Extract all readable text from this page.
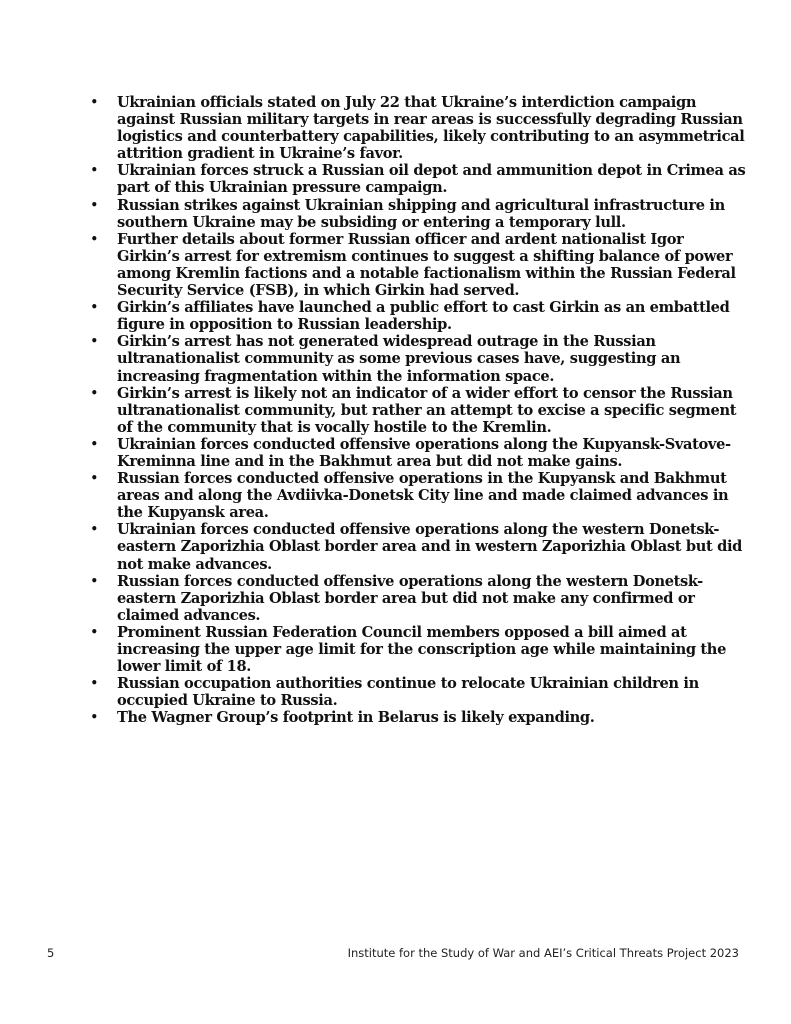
• Ukrainian officials stated on July 22 that Ukraine’s interdiction campaign against Russian military targets in rear areas is successfully degrading Russian logistics and counterbattery capabilities, likely contributing to an asymmetrical attrition gradient in Ukraine’s favor.
• Ukrainian forces struck a Russian oil depot and ammunition depot in Crimea as part of this Ukrainian pressure campaign.
• Russian strikes against Ukrainian shipping and agricultural infrastructure in southern Ukraine may be subsiding or entering a temporary lull.
• Further details about former Russian officer and ardent nationalist Igor Girkin’s arrest for extremism continues to suggest a shifting balance of power among Kremlin factions and a notable factionalism within the Russian Federal Security Service (FSB), in which Girkin had served.
• Girkin’s affiliates have launched a public effort to cast Girkin as an embattled figure in opposition to Russian leadership.
• Girkin’s arrest has not generated widespread outrage in the Russian ultranationalist community as some previous cases have, suggesting an increasing fragmentation within the information space.
• Girkin’s arrest is likely not an indicator of a wider effort to censor the Russian ultranationalist community, but rather an attempt to excise a specific segment of the community that is vocally hostile to the Kremlin.
• Ukrainian forces conducted offensive operations along the Kupyansk-Svatove-Kreminna line and in the Bakhmut area but did not make gains.
• Russian forces conducted offensive operations in the Kupyansk and Bakhmut areas and along the Avdiivka-Donetsk City line and made claimed advances in the Kupyansk area.
• Ukrainian forces conducted offensive operations along the western Donetsk-eastern Zaporizhia Oblast border area and in western Zaporizhia Oblast but did not make advances.
• Russian forces conducted offensive operations along the western Donetsk-eastern Zaporizhia Oblast border area but did not make any confirmed or claimed advances.
• Prominent Russian Federation Council members opposed a bill aimed at increasing the upper age limit for the conscription age while maintaining the lower limit of 18.
• Russian occupation authorities continue to relocate Ukrainian children in occupied Ukraine to Russia.
• The Wagner Group’s footprint in Belarus is likely expanding.
5	Institute for the Study of War and AEI’s Critical Threats Project 2023
